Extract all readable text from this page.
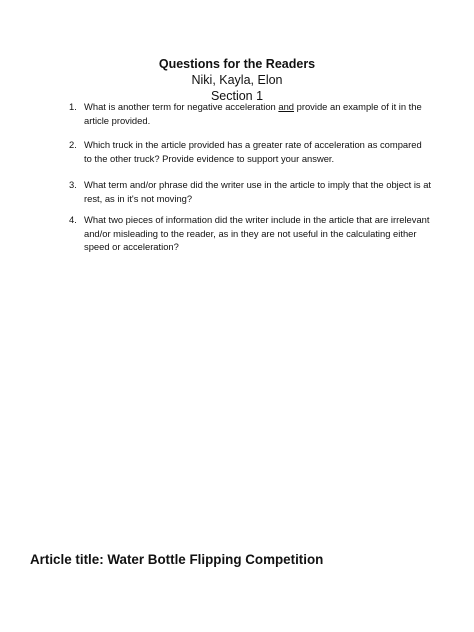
Questions for the Readers
Niki, Kayla, Elon
Section 1
1. What is another term for negative acceleration and provide an example of it in the article provided.
2. Which truck in the article provided has a greater rate of acceleration as compared to the other truck? Provide evidence to support your answer.
3. What term and/or phrase did the writer use in the article to imply that the object is at rest, as in it's not moving?
4. What two pieces of information did the writer include in the article that are irrelevant and/or misleading to the reader, as in they are not useful in the calculating either speed or acceleration?
Article title: Water Bottle Flipping Competition
